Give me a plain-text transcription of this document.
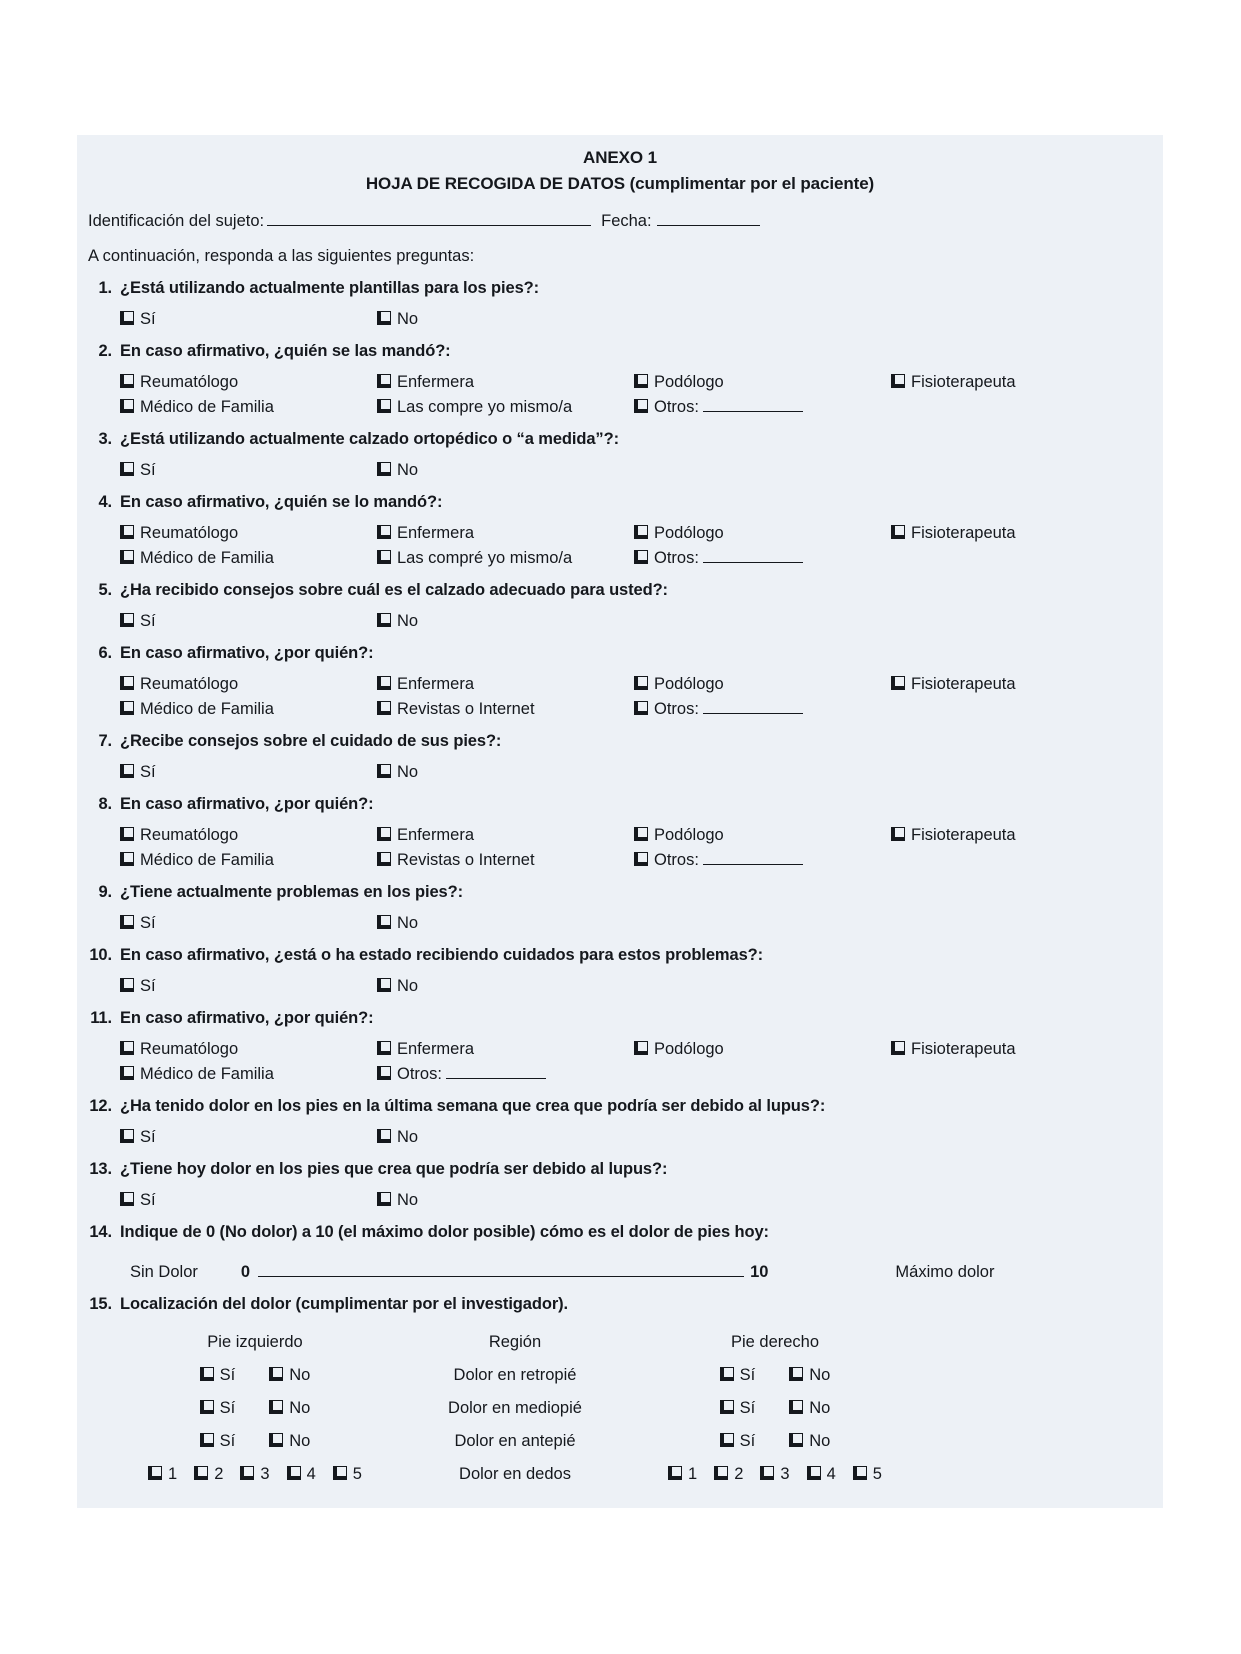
ANEXO 1
HOJA DE RECOGIDA DE DATOS (cumplimentar por el paciente)
Identificación del sujeto:	Fecha:
A continuación, responda a las siguientes preguntas:
1. ¿Está utilizando actualmente plantillas para los pies?:
Sí	No
2. En caso afirmativo, ¿quién se las mandó?:
Reumatólogo	Enfermera	Podólogo	Fisioterapeuta
Médico de Familia	Las compre yo mismo/a	Otros:
3. ¿Está utilizando actualmente calzado ortopédico o “a medida”?:
Sí	No
4. En caso afirmativo, ¿quién se lo mandó?:
Reumatólogo	Enfermera	Podólogo	Fisioterapeuta
Médico de Familia	Las compré yo mismo/a	Otros:
5. ¿Ha recibido consejos sobre cuál es el calzado adecuado para usted?:
Sí	No
6. En caso afirmativo, ¿por quién?:
Reumatólogo	Enfermera	Podólogo	Fisioterapeuta
Médico de Familia	Revistas o Internet	Otros:
7. ¿Recibe consejos sobre el cuidado de sus pies?:
Sí	No
8. En caso afirmativo, ¿por quién?:
Reumatólogo	Enfermera	Podólogo	Fisioterapeuta
Médico de Familia	Revistas o Internet	Otros:
9. ¿Tiene actualmente problemas en los pies?:
Sí	No
10. En caso afirmativo, ¿está o ha estado recibiendo cuidados para estos problemas?:
Sí	No
11. En caso afirmativo, ¿por quién?:
Reumatólogo	Enfermera	Podólogo	Fisioterapeuta
Médico de Familia	Otros:
12. ¿Ha tenido dolor en los pies en la última semana que crea que podría ser debido al lupus?:
Sí	No
13. ¿Tiene hoy dolor en los pies que crea que podría ser debido al lupus?:
Sí	No
14. Indique de 0 (No dolor) a 10 (el máximo dolor posible) cómo es el dolor de pies hoy:
Sin Dolor	0	10	Máximo dolor
15. Localización del dolor (cumplimentar por el investigador).
Pie izquierdo	Región	Pie derecho
Sí	No	Dolor en retropié	Sí	No
Sí	No	Dolor en mediopié	Sí	No
Sí	No	Dolor en antepié	Sí	No
1 2 3 4 5	Dolor en dedos	1 2 3 4 5
